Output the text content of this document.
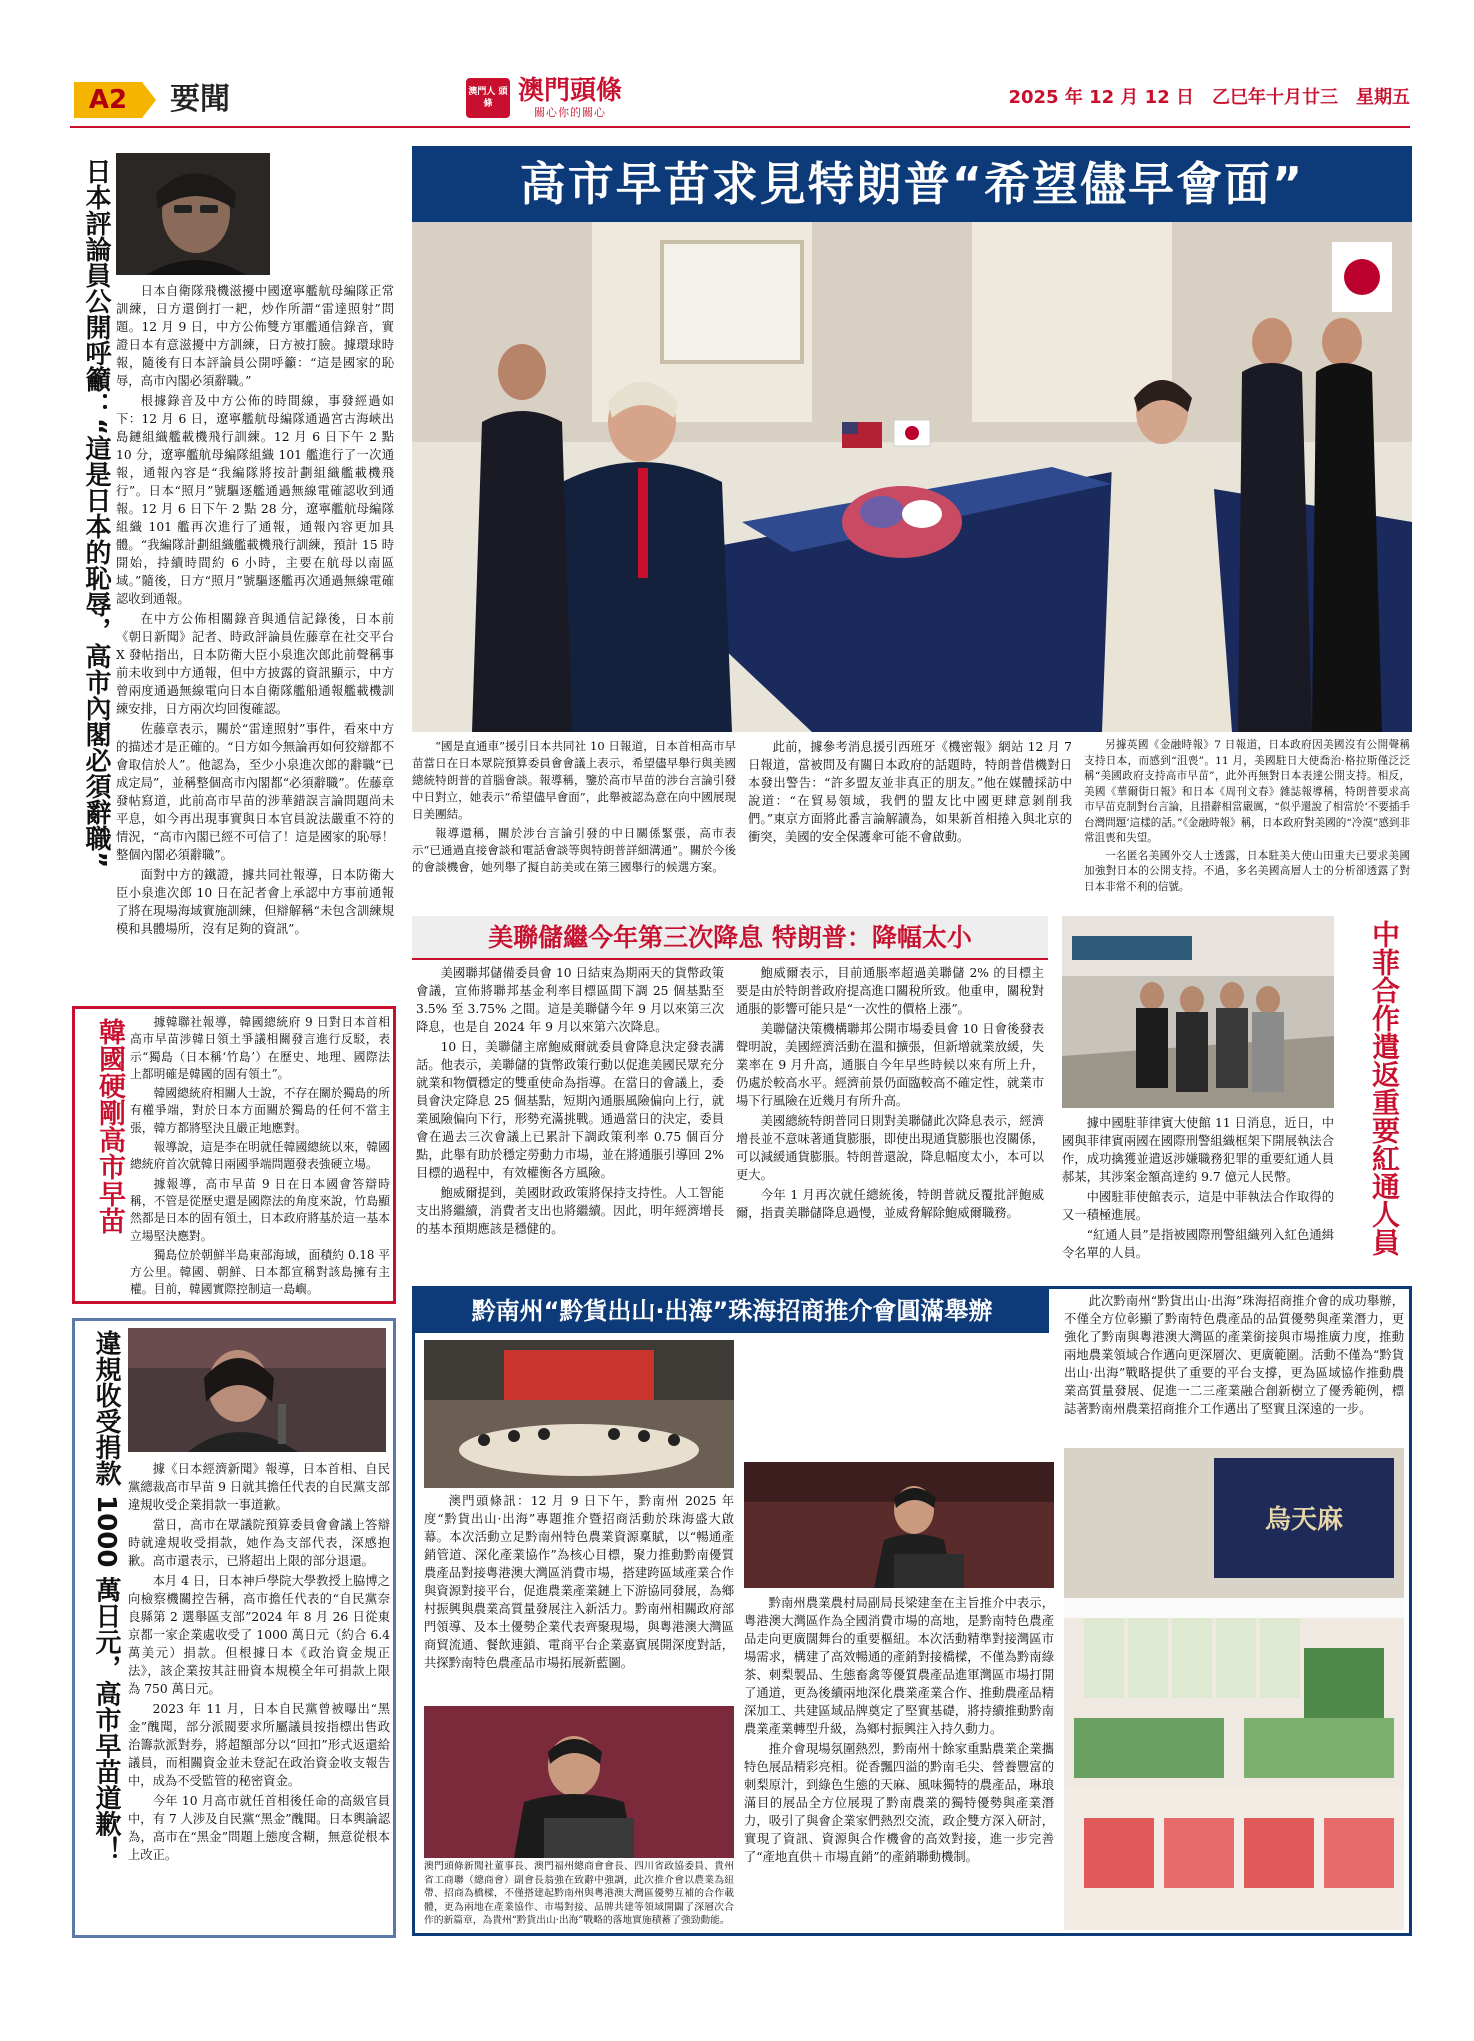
A2	要聞	澳門人 頭條 澳門頭條
關心你的關心
2025 年 12 月 12 日　乙巳年十月廿三　星期五
日本評論員公開呼籲：“這是日本的恥辱，高市內閣必須辭職”	日本自衛隊飛機滋擾中國遼寧艦航母編隊正常訓練，日方還倒打一耙，炒作所謂“雷達照射”問題。12 月 9 日，中方公佈雙方軍艦通信錄音，實證日本有意滋擾中方訓練，日方被打臉。據環球時報，隨後有日本評論員公開呼籲：“這是國家的恥辱，高市內閣必須辭職。”

根據錄音及中方公佈的時間線，事發經過如下：12 月 6 日，遼寧艦航母編隊通過宮古海峽出島鏈組織艦載機飛行訓練。12 月 6 日下午 2 點 10 分，遼寧艦航母編隊組織 101 艦進行了一次通報，通報內容是“我編隊將按計劃組織艦載機飛行”。日本“照月”號驅逐艦通過無線電確認收到通報。12 月 6 日下午 2 點 28 分，遼寧艦航母編隊組織 101 艦再次進行了通報，通報內容更加具體。“我編隊計劃組織艦載機飛行訓練，預計 15 時開始，持續時間約 6 小時，主要在航母以南區域。”隨後，日方“照月”號驅逐艦再次通過無線電確認收到通報。

在中方公佈相關錄音與通信記錄後，日本前《朝日新聞》記者、時政評論員佐藤章在社交平台 X 發帖指出，日本防衛大臣小泉進次郎此前聲稱事前未收到中方通報，但中方披露的資訊顯示，中方曾兩度通過無線電向日本自衛隊艦船通報艦載機訓練安排，日方兩次均回復確認。

佐藤章表示，關於“雷達照射”事件，看來中方的描述才是正確的。“日方如今無論再如何狡辯都不會取信於人”。他認為，至少小泉進次郎的辭職“已成定局”，並稱整個高市內閣都“必須辭職”。佐藤章發帖寫道，此前高市早苗的涉華錯誤言論問題尚未平息，如今再出現事實與日本官員說法嚴重不符的情況，“高市內閣已經不可信了！這是國家的恥辱！整個內閣必須辭職”。

面對中方的鐵證，據共同社報導，日本防衛大臣小泉進次郎 10 日在記者會上承認中方事前通報了將在現場海域實施訓練，但辯解稱“未包含訓練規模和具體場所，沒有足夠的資訊”。

韓國硬剛高市早苗	據韓聯社報導，韓國總統府 9 日對日本首相高市早苗涉韓日領土爭議相關發言進行反駁，表示“獨島（日本稱‘竹島’）在歷史、地理、國際法上都明確是韓國的固有領土”。

韓國總統府相關人士說，不存在關於獨島的所有權爭端，對於日本方面關於獨島的任何不當主張，韓方都將堅決且嚴正地應對。

報導說，這是李在明就任韓國總統以來，韓國總統府首次就韓日兩國爭端問題發表強硬立場。

據報導，高市早苗 9 日在日本國會答辯時稱，不管是從歷史還是國際法的角度來說，竹島顯然都是日本的固有領土，日本政府將基於這一基本立場堅決應對。

獨島位於朝鮮半島東部海域，面積約 0.18 平方公里。韓國、朝鮮、日本都宣稱對該島擁有主權。目前，韓國實際控制這一島嶼。

違規收受捐款 1000 萬日元，高市早苗道歉！	據《日本經濟新聞》報導，日本首相、自民黨總裁高市早苗 9 日就其擔任代表的自民黨支部違規收受企業捐款一事道歉。

當日，高市在眾議院預算委員會會議上答辯時就違規收受捐款，她作為支部代表，深感抱歉。高市還表示，已將超出上限的部分退還。

本月 4 日，日本神戶學院大學教授上脇博之向檢察機關控告稱，高市擔任代表的“自民黨奈良縣第 2 選舉區支部”2024 年 8 月 26 日從東京都一家企業處收受了 1000 萬日元（約合 6.4 萬美元）捐款。但根據日本《政治資金規正法》，該企業按其註冊資本規模全年可捐款上限為 750 萬日元。

2023 年 11 月，日本自民黨曾被曝出“黑金”醜聞，部分派閥要求所屬議員按指標出售政治籌款派對券，將超額部分以“回扣”形式返還給議員，而相關資金並未登記在政治資金收支報告中，成為不受監管的秘密資金。

今年 10 月高市就任首相後任命的高級官員中，有 7 人涉及自民黨“黑金”醜聞。日本輿論認為，高市在“黑金”問題上態度含糊，無意從根本上改正。

高市早苗求見特朗普“希望儘早會面”

“國是直通車”援引日本共同社 10 日報道，日本首相高市早苗當日在日本眾院預算委員會會議上表示，希望儘早舉行與美國總統特朗普的首腦會談。報導稱，鑒於高市早苗的涉台言論引發中日對立，她表示“希望儘早會面”，此舉被認為意在向中國展現日美團結。

報導還稱，關於涉台言論引發的中日關係緊張，高市表示“已通過直接會談和電話會談等與特朗普詳細溝通”。關於今後的會談機會，她列舉了擬自訪美或在第三國舉行的候選方案。

此前，據參考消息援引西班牙《機密報》網站 12 月 7 日報道，當被問及有關日本政府的話題時，特朗普借機對日本發出警告：“許多盟友並非真正的朋友。”他在媒體採訪中說道：“在貿易領域，我們的盟友比中國更肆意剝削我們。”東京方面將此番言論解讀為，如果新首相捲入與北京的衝突，美國的安全保護傘可能不會啟動。

另據英國《金融時報》7 日報道，日本政府因美國沒有公開聲稱支持日本，而感到“沮喪”。11 月，美國駐日大使喬治·格拉斯僅泛泛稱“美國政府支持高市早苗”，此外再無對日本表達公開支持。相反，美國《華爾街日報》和日本《周刊文春》雜誌報導稱，特朗普要求高市早苗克制對台言論，且措辭相當嚴厲，“似乎還說了相當於‘不要插手台灣問題’這樣的話。”《金融時報》稱，日本政府對美國的“冷漠”感到非常沮喪和失望。

一名匿名美國外交人士透露，日本駐美大使山田重夫已要求美國加強對日本的公開支持。不過，多名美國高層人士的分析卻透露了對日本非常不利的信號。

美聯儲繼今年第三次降息 特朗普：降幅太小

美國聯邦儲備委員會 10 日結束為期兩天的貨幣政策會議，宣佈將聯邦基金利率目標區間下調 25 個基點至 3.5% 至 3.75% 之間。這是美聯儲今年 9 月以來第三次降息，也是自 2024 年 9 月以來第六次降息。

10 日，美聯儲主席鮑威爾就委員會降息決定發表講話。他表示，美聯儲的貨幣政策行動以促進美國民眾充分就業和物價穩定的雙重使命為指導。在當日的會議上，委員會決定降息 25 個基點，短期內通脹風險偏向上行，就業風險偏向下行，形勢充滿挑戰。通過當日的決定，委員會在過去三次會議上已累計下調政策利率 0.75 個百分點，此舉有助於穩定勞動力市場，並在將通脹引導回 2% 目標的過程中，有效權衡各方風險。

鮑威爾提到，美國財政政策將保持支持性。人工智能支出將繼續，消費者支出也將繼續。因此，明年經濟增長的基本預期應該是穩健的。

鮑威爾表示，目前通脹率超過美聯儲 2% 的目標主要是由於特朗普政府提高進口關稅所致。他重申，關稅對通脹的影響可能只是“一次性的價格上漲”。

美聯儲決策機構聯邦公開市場委員會 10 日會後發表聲明說，美國經濟活動在溫和擴張，但新增就業放緩，失業率在 9 月升高，通脹自今年早些時候以來有所上升，仍處於較高水平。經濟前景仍面臨較高不確定性，就業市場下行風險在近幾月有所升高。

美國總統特朗普同日則對美聯儲此次降息表示，經濟增長並不意味著通貨膨脹，即使出現通貨膨脹也沒關係，可以減緩通貨膨脹。特朗普還說，降息幅度太小，本可以更大。

今年 1 月再次就任總統後，特朗普就反覆批評鮑威爾，指責美聯儲降息過慢，並威脅解除鮑威爾職務。	中菲合作遣返重要紅通人員

據中國駐菲律賓大使館 11 日消息，近日，中國與菲律賓兩國在國際刑警組織框架下開展執法合作，成功擒獲並遣返涉嫌職務犯罪的重要紅通人員郝某，其涉案金額高達約 9.7 億元人民幣。

中國駐菲使館表示，這是中菲執法合作取得的又一積極進展。

“紅通人員”是指被國際刑警組織列入紅色通緝令名單的人員。

黔南州“黔貨出山·出海”珠海招商推介會圓滿舉辦

澳門頭條訊：12 月 9 日下午，黔南州 2025 年度“黔貨出山·出海”專題推介暨招商活動於珠海盛大啟幕。本次活動立足黔南州特色農業資源稟賦，以“暢通產銷管道、深化產業協作”為核心目標，聚力推動黔南優質農產品對接粵港澳大灣區消費市場，搭建跨區域產業合作與資源對接平台，促進農業產業鏈上下游協同發展，為鄉村振興與農業高質量發展注入新活力。黔南州相關政府部門領導、及本土優勢企業代表齊聚現場，與粵港澳大灣區商貿流通、餐飲連鎖、電商平台企業嘉賓展開深度對話，共探黔南特色農產品市場拓展新藍圖。

澳門頭條新聞社董事長、澳門福州總商會會長、四川省政協委員、貴州省工商聯（總商會）副會長翁強在致辭中強調，此次推介會以農業為紐帶、招商為橋樑，不僅搭建起黔南州與粵港澳大灣區優勢互補的合作載體，更為兩地在產業協作、市場對接、品牌共建等領域開闢了深層次合作的新篇章，為貴州“黔貨出山·出海”戰略的落地實施積蓄了強勁動能。

黔南州農業農村局副局長梁建奎在主旨推介中表示，粵港澳大灣區作為全國消費市場的高地，是黔南特色農產品走向更廣闊舞台的重要樞紐。本次活動精準對接灣區市場需求，構建了高效暢通的產銷對接橋樑，不僅為黔南綠茶、刺梨製品、生態畜禽等優質農產品進軍灣區市場打開了通道，更為後續兩地深化農業產業合作、推動農產品精深加工、共建區域品牌奠定了堅實基礎，將持續推動黔南農業產業轉型升級，為鄉村振興注入持久動力。

推介會現場氛圍熱烈，黔南州十餘家重點農業企業攜特色展品精彩亮相。從香飄四溢的黔南毛尖、營養豐富的刺梨原汁，到綠色生態的天麻、風味獨特的農產品，琳琅滿目的展品全方位展現了黔南農業的獨特優勢與產業潛力，吸引了與會企業家們熱烈交流，政企雙方深入研討，實現了資訊、資源與合作機會的高效對接，進一步完善了“產地直供＋市場直銷”的產銷聯動機制。

此次黔南州“黔貨出山·出海”珠海招商推介會的成功舉辦，不僅全方位彰顯了黔南特色農產品的品質優勢與產業潛力，更強化了黔南與粵港澳大灣區的產業銜接與市場推廣力度，推動兩地農業領域合作邁向更深層次、更廣範圍。活動不僅為“黔貨出山·出海”戰略提供了重要的平台支撐，更為區域協作推動農業高質量發展、促進一二三產業融合創新樹立了優秀範例，標誌著黔南州農業招商推介工作邁出了堅實且深遠的一步。

烏天麻
